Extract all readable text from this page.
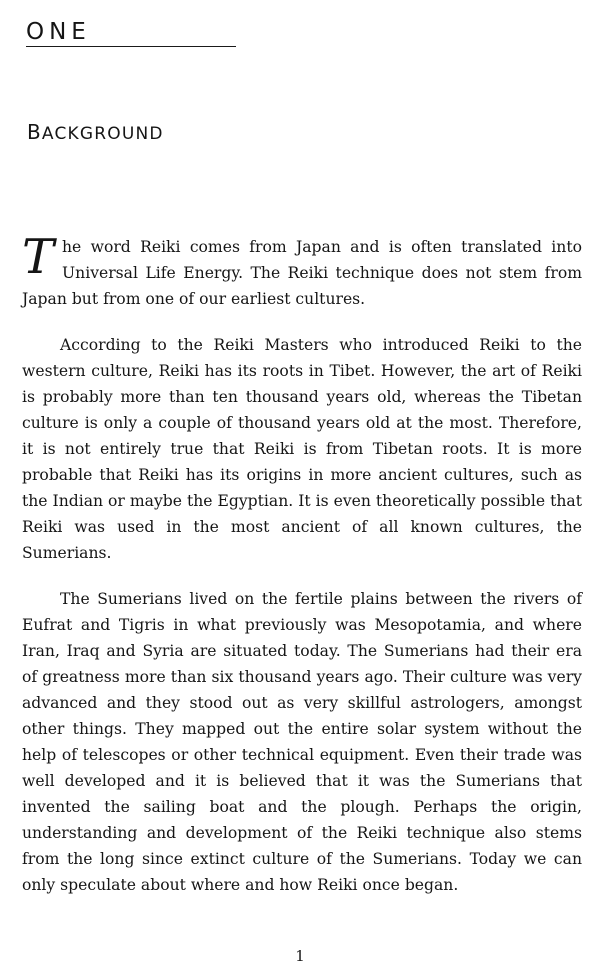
ONE
BACKGROUND

The word Reiki comes from Japan and is often translated into Universal Life Energy. The Reiki technique does not stem from Japan but from one of our earliest cultures.

According to the Reiki Masters who introduced Reiki to the western culture, Reiki has its roots in Tibet. However, the art of Reiki is probably more than ten thousand years old, whereas the Tibetan culture is only a couple of thousand years old at the most. Therefore, it is not entirely true that Reiki is from Tibetan roots. It is more probable that Reiki has its origins in more ancient cultures, such as the Indian or maybe the Egyptian. It is even theoretically possible that Reiki was used in the most ancient of all known cultures, the Sumerians.

The Sumerians lived on the fertile plains between the rivers of Eufrat and Tigris in what previously was Mesopotamia, and where Iran, Iraq and Syria are situated today. The Sumerians had their era of greatness more than six thousand years ago. Their culture was very advanced and they stood out as very skillful astrologers, amongst other things. They mapped out the entire solar system without the help of telescopes or other technical equipment. Even their trade was well developed and it is believed that it was the Sumerians that invented the sailing boat and the plough. Perhaps the origin, understanding and development of the Reiki technique also stems from the long since extinct culture of the Sumerians. Today we can only speculate about where and how Reiki once began.

1
